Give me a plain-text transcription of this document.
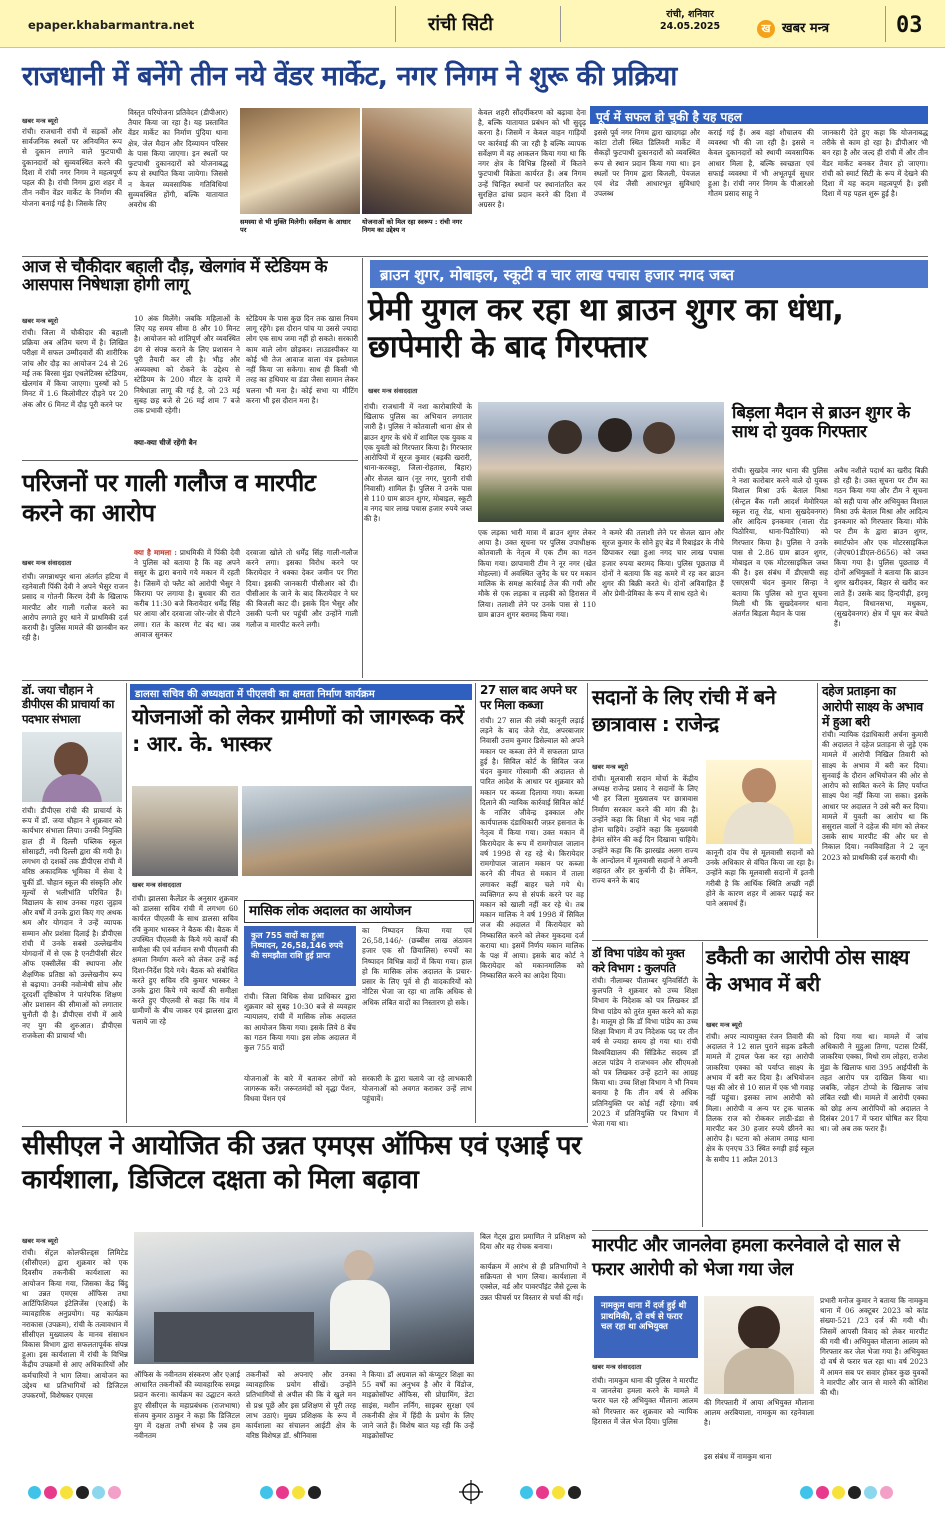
epaper.khabarmantra.net	रांची सिटी	रांची, शनिवार
24.05.2025	ख खबर मन्त्र	03
राजधानी में बनेंगे तीन नये वेंडर मार्केट, नगर निगम ने शुरू की प्रक्रिया
खबर मन्त्र ब्यूरो
रांची। राजधानी रांची में सड़कों और सार्वजनिक स्थलों पर अनियमित रूप से दुकान लगाने वाले फुटपाथी दुकानदारों को सुव्यवस्थित करने की दिशा में रांची नगर निगम ने महत्वपूर्ण पहल की है। रांची निगम द्वारा शहर में तीन नवीन वेंडर मार्केट के निर्माण की योजना बनाई गई है। जिसके लिए
विस्तृत परियोजना प्रतिवेदन (डीपीआर) तैयार किया जा रहा है। यह प्रस्तावित वेंडर मार्केट का निर्माण पुंदिया थाना क्षेत्र, जेल मैदान और दिव्यायन परिसर के पास किया जाएगा। इन स्थलों पर फुटपाथी दुकानदारों को योजनाबद्ध रूप से स्थापित किया जायेगा। जिससे न केवल व्यवसायिक गतिविधियां सुव्यवस्थित होंगी, बल्कि यातायात अवरोध की
समस्या से भी मुक्ति मिलेगी। सर्वेक्षण के आधार पर
योजनाओं को मिल रहा स्वरूप : रांची नगर निगम का उद्देश्य न
केवल शहरी सौंदर्यीकरण को बढ़ावा देना है, बल्कि यातायात प्रबंधन को भी सुदृढ़ करना है। जिसमें न केवल वाहन गाड़ियों पर कार्रवाई की जा रही है बल्कि व्यापक सर्वेक्षण में वह आकलन किया गया था कि नगर क्षेत्र के विभिन्न हिस्सों में कितने फुटपाथी विक्रेता कार्यरत हैं। अब निगम उन्हें चिन्हित स्थानों पर स्थानांतरित कर सुरक्षित ढांचा प्रदान करने की दिशा में अग्रसर है।
पूर्व में सफल हो चुकी है यह पहल
इससे पूर्व नगर निगम द्वारा खादगढ़ा और कांटा टोली स्थित डिलिवरी मार्केट में सैकड़ों फुटपाथी दुकानदारों को व्यवस्थित रूप से स्थान प्रदान किया गया था। इन स्थलों पर निगम द्वारा बिजली, पेयजल एवं शेड जैसी आधारभूत सुविधाएं उपलब्ध
कराई गई हैं। अब वहां शौचालय की व्यवस्था भी की जा रही है। इससे न केवल दुकानदारों को स्थायी व्यवसायिक आधार मिला है, बल्कि स्वच्छता एवं सफाई व्यवस्था में भी अभूतपूर्व सुधार हुआ है। रांची नगर निगम के पीआरओ गौतम प्रसाद साहू ने
जानकारी देते हुए कहा कि योजनाबद्ध तरीके से काम हो रहा है। डीपीआर भी बन रहा है और जल्द ही रांची में और तीन वेंडर मार्केट बनकर तैयार हो जाएगा। रांची को स्मार्ट सिटी के रूप में देखने की दिशा में यह कदम महत्वपूर्ण है। इसी दिशा में यह पहल शुरू हुई है।
आज से चौकीदार बहाली दौड़, खेलगांव में स्टेडियम के आसपास निषेधाज्ञा होगी लागू
खबर मन्त्र ब्यूरो
रांची। जिला में चौकीदार की बहाली प्रक्रिया अब अंतिम चरण में है। लिखित परीक्षा में सफल उम्मीदवारों की शारीरिक जांच और दौड़ का आयोजन 24 से 26 मई तक बिरसा मुंडा एथलेटिक्स स्टेडियम, खेलगांव में किया जाएगा। पुरुषों को 5 मिनट में 1.6 किलोमीटर दौड़ने पर 20 अंक और 6 मिनट में दौड़ पूरी करने पर
10 अंक मिलेंगे। जबकि महिलाओं के लिए यह समय सीमा 8 और 10 मिनट है। आयोजन को शांतिपूर्ण और व्यवस्थित ढंग से संपन्न कराने के लिए प्रशासन ने पूरी तैयारी कर ली है। भीड़ और अव्यवस्था को रोकने के उद्देश्य से स्टेडियम के 200 मीटर के दायरे में निषेधाज्ञा लागू की गई है, जो 23 मई सुबह छह बजे से 26 मई शाम 7 बजे तक प्रभावी रहेगी।
क्या-क्या चीजें रहेंगी बैन
स्टेडियम के पास कुछ दिन तक खास नियम लागू रहेंगे। इस दौरान पांच या उससे ज्यादा लोग एक साथ जमा नहीं हो सकते। सरकारी काम वाले लोग छोड़कर। लाउडस्पीकर या कोई भी तेज आवाज वाला यंत्र इस्तेमाल नहीं किया जा सकेगा। साथ ही किसी भी तरह का हथियार या डंडा जैसा सामान लेकर चलना भी मना है। कोई सभा या मीटिंग करना भी इस दौरान मना है।
ब्राउन शुगर, मोबाइल, स्कूटी व चार लाख पचास हजार नगद जब्त
प्रेमी युगल कर रहा था ब्राउन शुगर का धंधा, छापेमारी के बाद गिरफ्तार
खबर मन्त्र संवाददाता
रांची। राजधानी में नशा कारोबारियों के खिलाफ पुलिस का अभियान लगातार जारी है। पुलिस ने कोतवाली थाना क्षेत्र से ब्राउन शुगर के धंधे में शामिल एक युवक व एक युवती को गिरफ्तार किया है। गिरफ्तार आरोपियों में सूरज कुमार (बड़की खरारी, थाना-करकट्टा, जिला-रोहतास, बिहार) और सेजल खान (नूर नगर, पुरानी रांची निवासी) शामिल हैं। पुलिस ने उनके पास से 110 ग्राम ब्राउन शुगर, मोबाइल, स्कूटी व नगद चार लाख पचास हजार रुपये जब्त की है।
एक लड़का भारी मात्रा में ब्राउन शुगर लेकर आया है। उक्त सूचना पर पुलिस उपाधीक्षक कोतवाली के नेतृत्व में एक टीम का गठन किया गया। छापामारी टीम ने नूर नगर (खेत मोहल्ला) में अवस्थित जुनैद के घर पर मकान मालिक के समक्ष कार्रवाई तेज की गयी और मौके से एक लड़का व लड़की को हिरासत में लिया। तलाशी लेने पर उनके पास से 110 ग्राम ब्राउन शुगर बरामद किया गया।
ने कमरे की तलाशी लेने पर सेजल खान और सूरज कुमार के सोने हुए बेड में रिबाइंडर के नीचे छिपाकर रखा हुआ नगद चार लाख पचास हजार रुपया बरामद किया। पुलिस पूछताछ में दोनों ने बताया कि वह कमरे में रह कर ब्राउन शुगर की बिक्री करते थे। दोनों अविवाहित हैं और प्रेमी-प्रेमिका के रूप में साथ रहते थे।
बिड़ला मैदान से ब्राउन शुगर के साथ दो युवक गिरफ्तार
रांची। सुखदेव नगर थाना की पुलिस ने नशा कारोबार करने वाले दो युवक विशाल मिश्रा उर्फ बेताल मिश्रा (सेन्ट्रल बैंक गली आदर्श मेमोरियल स्कूल रातू रोड, थाना सुखदेवनगर) और आदित्य इनकमार (नाला रोड पिठोरिया, थाना-पिठौरिया) को गिरफ्तार किया है। पुलिस ने उनके पास से 2.86 ग्राम ब्राउन शुगर, मोबाइल व एक मोटरसाइकिल जब्त की है। इस संबंध में डीएसपी सह एसएसपी चंदन कुमार सिन्हा ने बताया कि पुलिस को गुप्त सूचना मिली थी कि सुखदेवनगर थाना अंतर्गत बिड़ला मैदान के पास
अवैध नशीले पदार्थ का खरीद बिक्री हो रही है। उक्त सूचना पर टीम का गठन किया गया और टीम ने सूचना को सही पाया और अभियुक्त विशाल मिश्रा उर्फ बेताल मिश्रा और आदित्य इनकमार को गिरफ्तार किया। मौके पर टीम के द्वारा ब्राउन शुगर, स्मार्टफोन और एक मोटरसाइकिल (जेएच01डीएल-8656) को जब्त किया गया है। पुलिस पूछताछ में दोनों अभियुक्तों ने बताया कि ब्राउन शुगर खरीदकर, बिहार से खरीद कर लाते हैं। उसके बाद हिन्दपीढ़ी, हरमू मैदान, विधानसभा, मधुकम, (सुखदेवनगर) क्षेत्र में घूम कर बेचते हैं।
परिजनों पर गाली गलौज व मारपीट करने का आरोप
खबर मन्त्र संवाददाता
रांची। जगन्नाथपुर थाना अंतर्गत हटिया में रहनेवाली पिंकी देवी ने अपने भैसुर राजन प्रसाद व गोतनी किरण देवी के खिलाफ मारपीट और गाली गलौज करने का आरोप लगाते हुए थाने में प्राथमिकी दर्ज करायी है। पुलिस मामले की छानबीन कर रही है।
क्या है मामला : प्राथमिकी में पिंकी देवी ने पुलिस को बताया है कि वह अपने ससुर के द्वारा बनाये गये मकान में रहती है। जिसमें दो फ्लैट को आरोपी भैसुर ने किराया पर लगाया है। बुधवार की रात करीब 11:30 बजे किरायेदार धर्मेंद्र सिंह घर आया और दरवाजा जोर-जोर से पीटने लगा। रात के कारण गेट बंद था। जब आवाज सुनकर
दरवाजा खोले तो धर्मेंद्र सिंह गाली-गलौज करने लगा। इसका विरोध करने पर किरायेदार ने धक्का देकर जमीन पर गिरा दिया। इसकी जानकारी पीसीआर को दी। पीसीआर के जाने के बाद किरायेदार ने घर की बिजली काट दी। इसके दिन भैसुर और उसकी पत्नी घर पहुंची और उन्होंने गाली गलौज व मारपीट करने लगी।
डॉ. जया चौहान ने डीपीएस की प्राचार्या का पदभार संभाला
रांची। डीपीएस रांची की प्राचार्या के रूप में डॉ. जया चौहान ने शुक्रवार को कार्यभार संभाला लिया। उनकी नियुक्ति हाल ही में दिल्ली पब्लिक स्कूल सोसाइटी, नयी दिल्ली द्वारा की गयी है। लगभग दो दशकों तक डीपीएस रांची में वरिष्ठ अकादमिक भूमिका में सेवा दे चुकीं डॉ. चौहान स्कूल की संस्कृति और मूल्यों से भलीभांति परिचित हैं। विद्यालय के साथ उनका गहरा जुड़ाव और वर्षों में उनके द्वारा किए गए अथक श्रम और योगदान ने उन्हें व्यापक सम्मान और प्रशंसा दिलाई है। डीपीएस रांची में उनके सबसे उल्लेखनीय योगदानों में से एक है एनटीपीसी सेंटर ऑफ एक्सीलेंस की स्थापना और शैक्षणिक प्रतिष्ठा को उल्लेखनीय रूप से बढ़ाया। उनकी नवोन्मेषी सोच और दूरदर्शी दृष्टिकोण ने पारंपरिक शिक्षण और प्रशासन की सीमाओं को लगातार चुनौती दी है। डीपीएस रांची में आये नए युग की शुरुआत। डीपीएस राजकेला की प्राचार्या भी।
डालसा सचिव की अध्यक्षता में पीएलवी का क्षमता निर्माण कार्यक्रम
योजनाओं को लेकर ग्रामीणों को जागरूक करें : आर. के. भास्कर
खबर मन्त्र संवाददाता
रांची। झालसा कैलेंडर के अनुसार शुक्रवार को डालसा सचिव रांची में लगभग 60 कार्यरत पीएलवी के साथ डालसा सचिव रवि कुमार भास्कर ने बैठक की। बैठक में उपस्थित पीएलवी के किये गये कार्यों की समीक्षा की एवं वर्तमान सभी पीएलवी की क्षमता निर्माण करने को लेकर उन्हें कई दिशा-निर्देश दिये गये। बैठक को संबोधित करते हुए सचिव रवि कुमार भास्कर ने उनके द्वारा किये गये कार्यों की समीक्षा करते हुए पीएलवी से कहा कि गांव में ग्रामीणों के बीच जाकर एवं झालसा द्वारा चलाये जा रहे
मासिक लोक अदालत का आयोजन
कुल 755 वादों का हुआ निष्पादन, 26,58,146 रुपये की समझौता राशि हुई प्राप्त
रांची। जिला विधिक सेवा प्राधिकार द्वारा शुक्रवार को सुबह 10:30 बजे से व्यवहार न्यायालय, रांची में मासिक लोक अदालत का आयोजन किया गया। इसके लिये 8 बेंच का गठन किया गया। इस लोक अदालत में कुल 755 वादों
योजनाओं के बारे में बताकर लोगों को जागरूक करें। जरूरतमंदों को वृद्धा पेंशन, विधवा पेंशन एवं
का निष्पादन किया गया एवं 26,58,146/- (छब्बीस लाख अंठावन हजार एक सौ छियालिस) रुपयों का निष्पादन विभिन्न वादों में किया गया। हाल हो कि मासिक लोक अदालत के प्रचार-प्रसार के लिए पूर्व से ही वादकारियों को नोटिस भेजा जा रहा था ताकि अधिक से अधिक लंबित वादों का निस्तारण हो सके।
सरकारी के द्वारा चलाये जा रहे लाभकारी योजनाओं को अवगत कराकर उन्हें लाभ पहुंचावें।
27 साल बाद अपने घर पर मिला कब्जा
रांची। 27 साल की लंबी कानूनी लड़ाई लड़ने के बाद जेजे रोड, अपरबाजार निवासी उत्तम कुमार डिसेल्वाल को अपने मकान पर कब्जा लेने में सफलता प्राप्त हुई है। सिविल कोर्ट के सिविल जज चंदन कुमार गोस्वामी की अदालत से पारित आदेश के आधार पर शुक्रवार को मकान पर कब्जा दिलाया गया। कब्जा दिलाने की न्यायिक कार्रवाई सिविल कोर्ट के नाजिर जीवेन्द्र इक्काल और कार्यपालक दंडाधिकारी जफ़र हसनात के नेतृत्व में किया गया। उक्त मकान में किरायेदार के रूप में रामगोपाल जालान वर्ष 1998 से रह रहे थे। किरायेदार रामगोपाल जालान मकान पर कब्जा करने की नीयत से मकान में ताला लगाकर कहीं बाहर चले गये थे। व्यक्तिगत रूप से संपर्क करने पर वह मकान को खाली नहीं कर रहे थे। तब मकान मालिक ने वर्ष 1998 में सिविल जज की अदालत में किरायेदार को निष्कासित करने को लेकर मुकदमा दर्ज कराया था। इसमें निर्णय मकान मालिक के पक्ष में आया। इसके बाद कोर्ट ने किरायेदार को मकानमालिक को निष्कासित करने का आदेश दिया।
सदानों के लिए रांची में बने छात्रावास : राजेन्द्र
खबर मन्त्र ब्यूरो
रांची। मूलवासी सदान मोर्चा के केंद्रीय अध्यक्ष राजेन्द्र प्रसाद ने सदानों के लिए भी हर जिला मुख्यालय पर छात्रावास निर्माण सरकार करने की मांग की है। उन्होंने कहा कि शिक्षा में भेद भाव नहीं होना चाहिये। उन्होंने कहा कि मुख्यमंत्री हेमंत सोरेन की कई दिन दिखावा चाहिये। उन्होंने कहा कि कि झारखंड अलग राज्य के आन्दोलन में मूलवासी सदानों ने अपनी शहादत और हर कुर्बानी दी है। लेकिन, राज्य बनने के बाद
कानूनी दांव पेंच से मूलवासी सदानों को उनके अधिकार से वंचित किया जा रहा है। उन्होंने कहा कि मूलवासी सदानों में इतनी गरीबी है कि आर्थिक स्थिति अच्छी नहीं होने के कारण शहर में आकर पढ़ाई कर पाने असमर्थ हैं।
दहेज प्रताड़ना का आरोपी साक्ष्य के अभाव में हुआ बरी
रांची। न्यायिक दंडाधिकारी अर्चना कुमारी की अदालत ने दहेज प्रताड़ना से जुड़े एक मामले में आरोपी निखिल तिवारी को साक्ष्य के अभाव में बरी कर दिया। सुनवाई के दौरान अभियोजन की ओर से आरोप को साबित करने के लिए पर्याप्त साक्ष्य पेश नहीं किया जा सका। इसके आधार पर अदालत ने उसे बरी कर दिया। मामले में युवती का आरोप था कि ससुराल वालों ने दहेज की मांग को लेकर उसके साथ मारपीट की और घर से निकाल दिया। नवविवाहिता ने 2 जून 2023 को प्राथमिकी दर्ज करायी थी।
डॉ विभा पांडेय को मुक्त करे विभाग : कुलपति
रांची। नीलाम्बर पीताम्बर यूनिवर्सिटी के कुलपति ने शुक्रवार को उच्च शिक्षा विभाग के निदेशक को पत्र लिखकर डॉ विभा पांडेय को तुरंत मुक्त करने को कहा है। मालूम हो कि डॉ विभा पांडेय का उच्च शिक्षा विभाग में उप निदेशक पद पर तीन वर्ष से ज्यादा समय हो गया था। रांची विश्वविद्यालय की सिंडिकेट सदस्य डॉ अटल पांडेय ने राजभवन और सीएमओ को पत्र लिखकर उन्हें हटाने का आग्रह किया था। उच्च शिक्षा विभाग ने भी नियम बनाया है कि तीन वर्ष से अधिक प्रतिनियुक्ति पर कोई नहीं रहेगा। वर्ष 2023 में प्रतिनियुक्ति पर विभाग में भेजा गया था।
डकैती का आरोपी ठोस साक्ष्य के अभाव में बरी
खबर मन्त्र ब्यूरो
रांची। अपर न्यायायुक्त रंजन तिवारी की अदालत ने 12 साल पुराने सड़क डकैती मामले में ट्रायल फेस कर रहा आरोपी जाकरिया एक्का को पर्याप्त साक्ष्य के अभाव में बरी कर दिया है। अभियोजन पक्ष की ओर से 10 साल में एक भी गवाह नहीं पहुंचा। इसका लाभ आरोपी को मिला। आरोपी व अन्य पर ट्रक चालक तिलक राज को रोककर लाठी-डंडा से मारपीट कर 30 हजार रुपये छीनने का आरोप है। घटना को अंजाम तमाड़ थाना क्षेत्र के एनएच 33 स्थित रुगड़ी हाई स्कूल के समीप 11 अप्रैल 2013
को दिया गया था। मामले में जांच अधिकारी ने मुहुआ तिग्गा, पटास टिर्की, जाकरिया एक्का, मिथो राम लोहरा, राजेश मुंडा के खिलाफ धारा 395 आईपीसी के तहत आरोप पत्र दाखिल किया था। जबकि, जोहन टोप्पो के खिलाफ जांच लंबित रखी थी। मामले में आरोपी एक्का को छोड़ अन्य आरोपियों को अदालत ने दिसंबर 2017 में फरार घोषित कर दिया था। जो अब तक फरार हैं।
सीसीएल ने आयोजित की उन्नत एमएस ऑफिस एवं एआई पर कार्यशाला, डिजिटल दक्षता को मिला बढ़ावा
खबर मन्त्र ब्यूरो
रांची। सेंट्रल कोलफील्ड्स लिमिटेड (सीसीएल) द्वारा शुक्रवार को एक दिवसीय तकनीकी कार्यशाला का आयोजन किया गया, जिसका केंद्र बिंदु था उन्नत एमएस ऑफिस तथा आर्टिफिशियल इंटेलिजेंस (एआई) के व्यावहारिक अनुप्रयोग। यह कार्यक्रम नराकास (उपक्रम), रांची के तत्वावधान में सीसीएल मुख्यालय के मानव संसाधन विकास विभाग द्वारा सफलतापूर्वक संपन्न हुआ। इस कार्यशाला में रांची के विभिन्न केंद्रीय उपक्रमों से आए अधिकारियों और कर्मचारियों ने भाग लिया। आयोजन का उद्देश्य था प्रतिभागियों को डिजिटल उपकरणों, विशेषकर एमएस
ऑफिस के नवीनतम संस्करण और एआई आधारित तकनीकों की व्यावहारिक समझ प्रदान करना। कार्यक्रम का उद्घाटन करते हुए सीसीएल के महाप्रबंधक (राजभाषा) संजय कुमार ठाकुर ने कहा कि डिजिटल युग में दक्षता तभी संभव है जब हम नवीनतम
तकनीकों को अपनाएं और उनका व्यावहारिक प्रयोग सीखें। उन्होंने प्रतिभागियों से अपील की कि वे खुले मन से प्रश्न पूछें और इस प्रशिक्षण से पूरी तरह लाभ उठाएं। मुख्य प्रशिक्षक के रूप में कार्यशाला का संचालन आईटी क्षेत्र के वरिष्ठ विशेषज्ञ डॉ. श्रीनिवास
ने किया। डॉ अग्रवाल को कंप्यूटर शिक्षा का 55 वर्षों का अनुभव है और वे विंडोज, माइक्रोसॉफ्ट ऑफिस, सी प्रोग्रामिंग, डेटा साइंस, मशीन लर्निंग, साइबर सुरक्षा एवं तकनीकी क्षेत्र में हिंदी के प्रयोग के लिए जाने जाते हैं। विशेष बात यह रही कि उन्हें माइक्रोसॉफ्ट
बिल गेट्स द्वारा प्रमाणित ने प्रशिक्षण को दिया और वह रोचक बनाया।
कार्यक्रम में आरंभ से ही प्रतिभागियों ने सक्रियता से भाग लिया। कार्यशाला में एक्सेल, वर्ड और पावरपॉइंट जैसे टूल्स के उन्नत फीचर्स पर विस्तार से चर्चा की गई।
मारपीट और जानलेवा हमला करनेवाले दो साल से फरार आरोपी को भेजा गया जेल
नामकुम थाना में दर्ज हुई थी प्राथमिकी, दो वर्ष से फरार चल रहा था अभियुक्त
खबर मन्त्र संवाददाता
रांची। नामकुम थाना की पुलिस ने मारपीट व जानलेवा हमला करने के मामले में फरार चल रहे अभियुक्त मौलाना आलम को गिरफ्तार कर शुक्रवार को न्यायिक हिरासत में जेल भेज दिया। पुलिस
की गिरफ्तारी में आया अभियुक्त मौलाना आलम अरबियाला, नामकुम का रहनेवाला है।
इस संबंध में नामकुम थाना
प्रभारी मनोज कुमार ने बताया कि नामकुम थाना में 06 अक्टूबर 2023 को कांड संख्या-521 /23 दर्ज की गयी थी। जिसमें आपसी विवाद को लेकर मारपीट की गयी थी। अभियुक्त मौलाना आलम को गिरफ्तार कर जेल भेजा गया है। अभियुक्त दो वर्ष से फरार चल रहा था। वर्ष 2023 में आमन सब पर सवार होकर कुछ युवकों ने मारपीट और जान से मारने की कोशिश की थी।
